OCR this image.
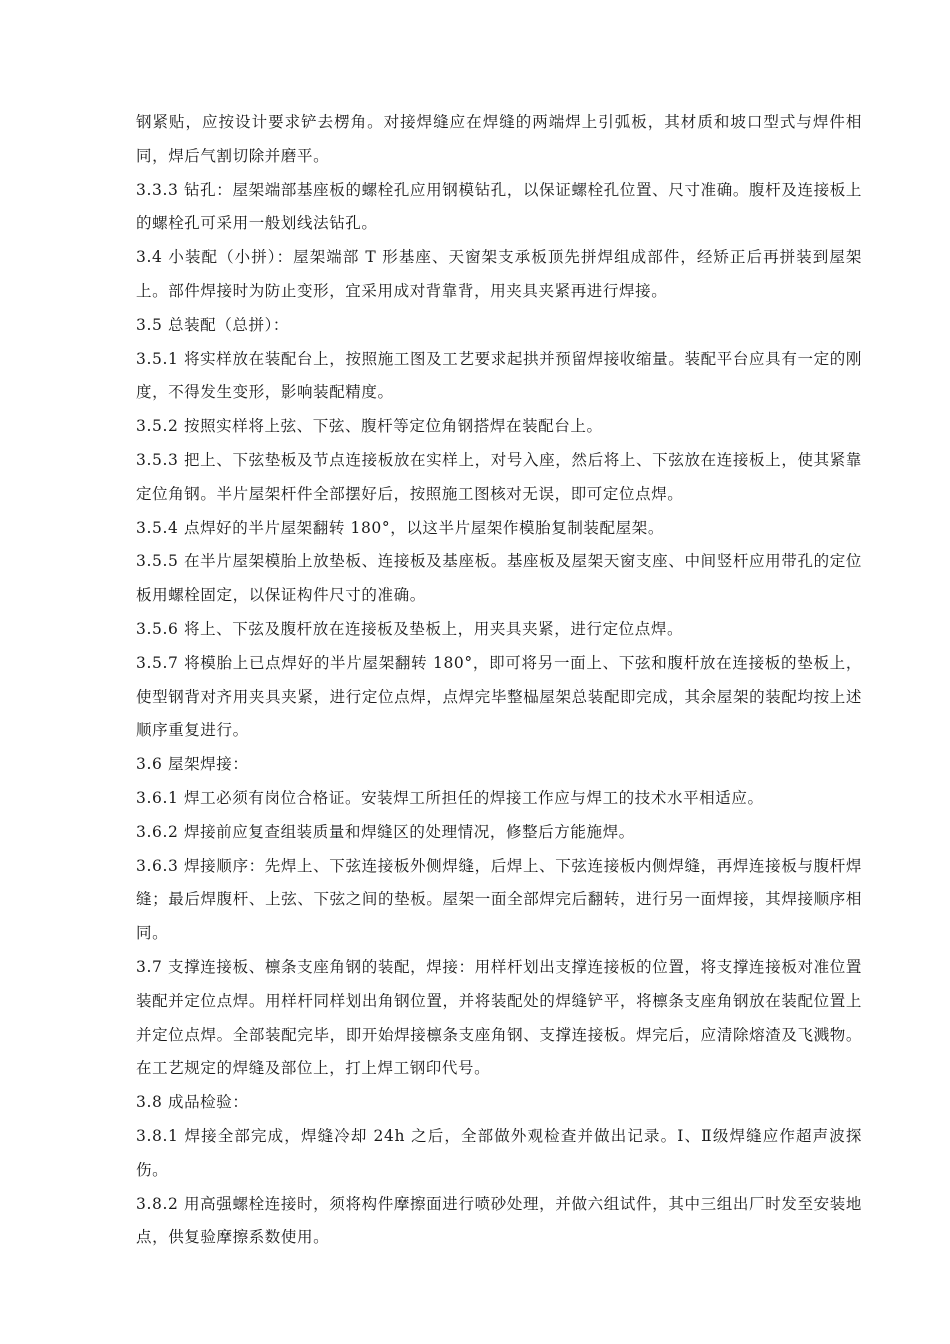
钢紧贴，应按设计要求铲去楞角。对接焊缝应在焊缝的两端焊上引弧板，其材质和坡口型式与焊件相同，焊后气割切除并磨平。

3.3.3 钻孔：屋架端部基座板的螺栓孔应用钢模钻孔，以保证螺栓孔位置、尺寸准确。腹杆及连接板上的螺栓孔可采用一般划线法钻孔。

3.4 小装配（小拼）：屋架端部 T 形基座、天窗架支承板顶先拼焊组成部件，经矫正后再拼装到屋架上。部件焊接时为防止变形，宜采用成对背靠背，用夹具夹紧再进行焊接。

3.5 总装配（总拼）：

3.5.1 将实样放在装配台上，按照施工图及工艺要求起拱并预留焊接收缩量。装配平台应具有一定的刚度，不得发生变形，影响装配精度。

3.5.2 按照实样将上弦、下弦、腹杆等定位角钢搭焊在装配台上。

3.5.3 把上、下弦垫板及节点连接板放在实样上，对号入座，然后将上、下弦放在连接板上，使其紧靠定位角钢。半片屋架杆件全部摆好后，按照施工图核对无误，即可定位点焊。

3.5.4 点焊好的半片屋架翻转 180°，以这半片屋架作模胎复制装配屋架。

3.5.5 在半片屋架模胎上放垫板、连接板及基座板。基座板及屋架天窗支座、中间竖杆应用带孔的定位板用螺栓固定，以保证构件尺寸的准确。

3.5.6 将上、下弦及腹杆放在连接板及垫板上，用夹具夹紧，进行定位点焊。

3.5.7 将模胎上已点焊好的半片屋架翻转 180°，即可将另一面上、下弦和腹杆放在连接板的垫板上，使型钢背对齐用夹具夹紧，进行定位点焊，点焊完毕整榀屋架总装配即完成，其余屋架的装配均按上述顺序重复进行。

3.6 屋架焊接：

3.6.1 焊工必须有岗位合格证。安装焊工所担任的焊接工作应与焊工的技术水平相适应。

3.6.2 焊接前应复查组装质量和焊缝区的处理情况，修整后方能施焊。

3.6.3 焊接顺序：先焊上、下弦连接板外侧焊缝，后焊上、下弦连接板内侧焊缝，再焊连接板与腹杆焊缝；最后焊腹杆、上弦、下弦之间的垫板。屋架一面全部焊完后翻转，进行另一面焊接，其焊接顺序相同。

3.7 支撑连接板、檩条支座角钢的装配，焊接：用样杆划出支撑连接板的位置，将支撑连接板对准位置装配并定位点焊。用样杆同样划出角钢位置，并将装配处的焊缝铲平，将檩条支座角钢放在装配位置上并定位点焊。全部装配完毕，即开始焊接檩条支座角钢、支撑连接板。焊完后，应清除熔渣及飞溅物。在工艺规定的焊缝及部位上，打上焊工钢印代号。

3.8 成品检验：

3.8.1 焊接全部完成，焊缝冷却 24h 之后，全部做外观检查并做出记录。Ⅰ、Ⅱ级焊缝应作超声波探伤。

3.8.2 用高强螺栓连接时，须将构件摩擦面进行喷砂处理，并做六组试件，其中三组出厂时发至安装地点，供复验摩擦系数使用。
